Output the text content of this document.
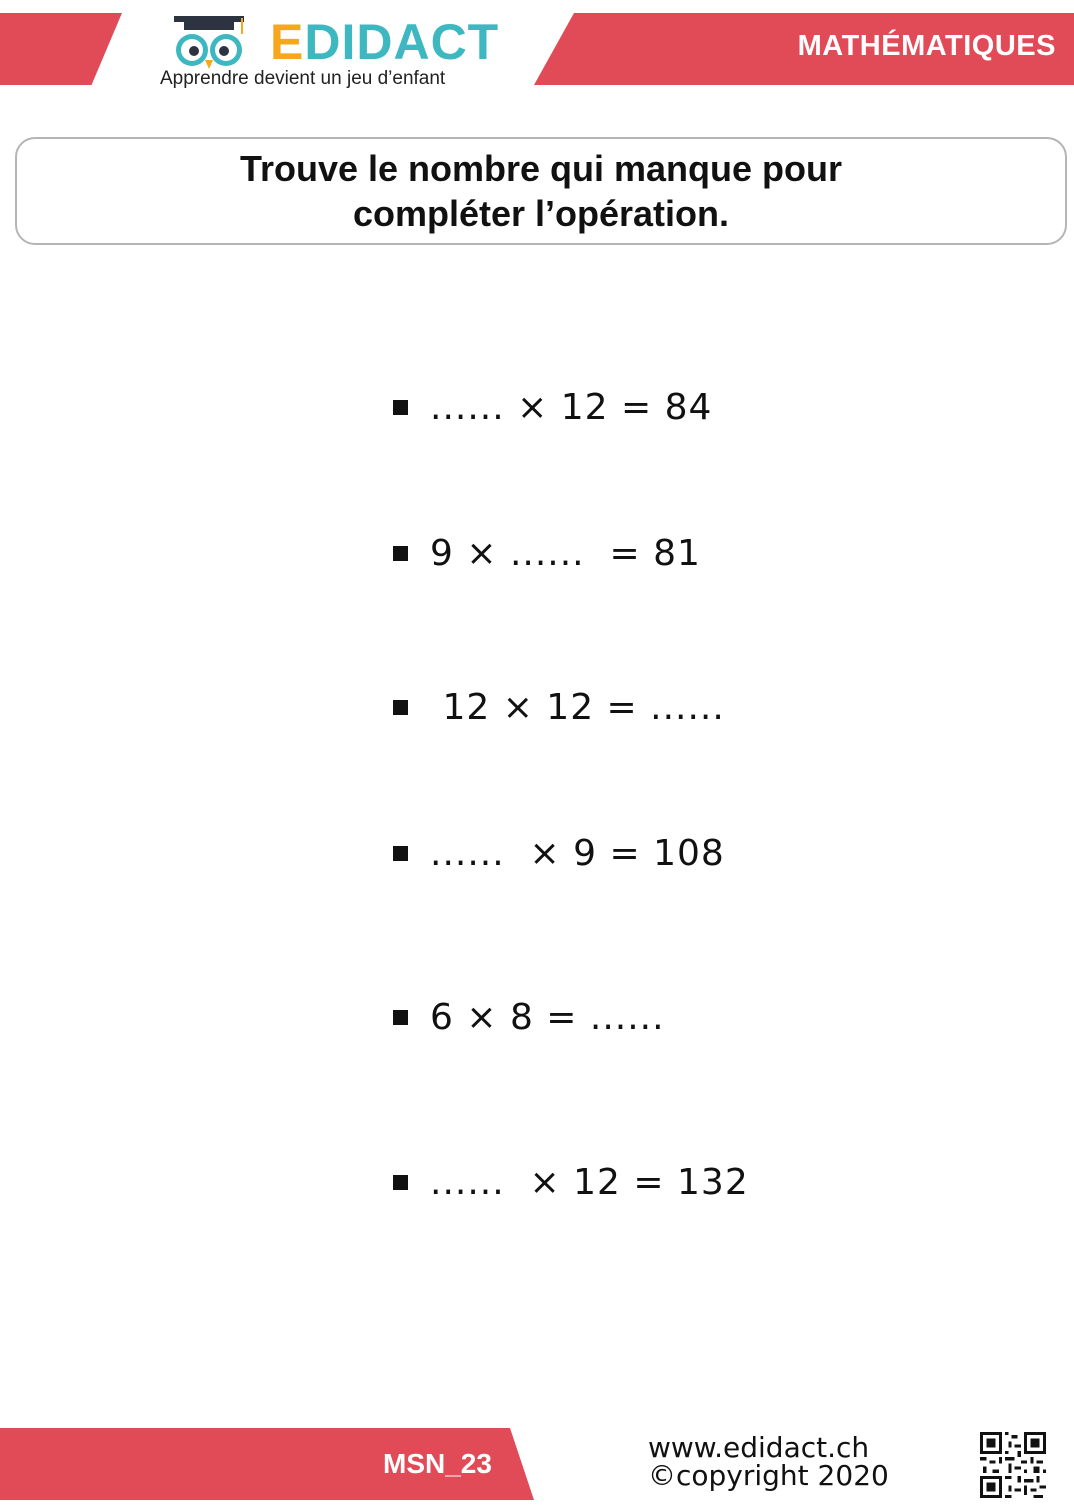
MATHÉMATIQUES
EDIDACT
Apprendre devient un jeu d’enfant
Trouve le nombre qui manque pour compléter l’opération.
...... × 12 = 84
9 × ......  = 81
12 × 12 = ......
......  × 9 = 108
6 × 8 = ......
......  × 12 = 132
MSN_23	www.edidact.ch
©copyright 2020
